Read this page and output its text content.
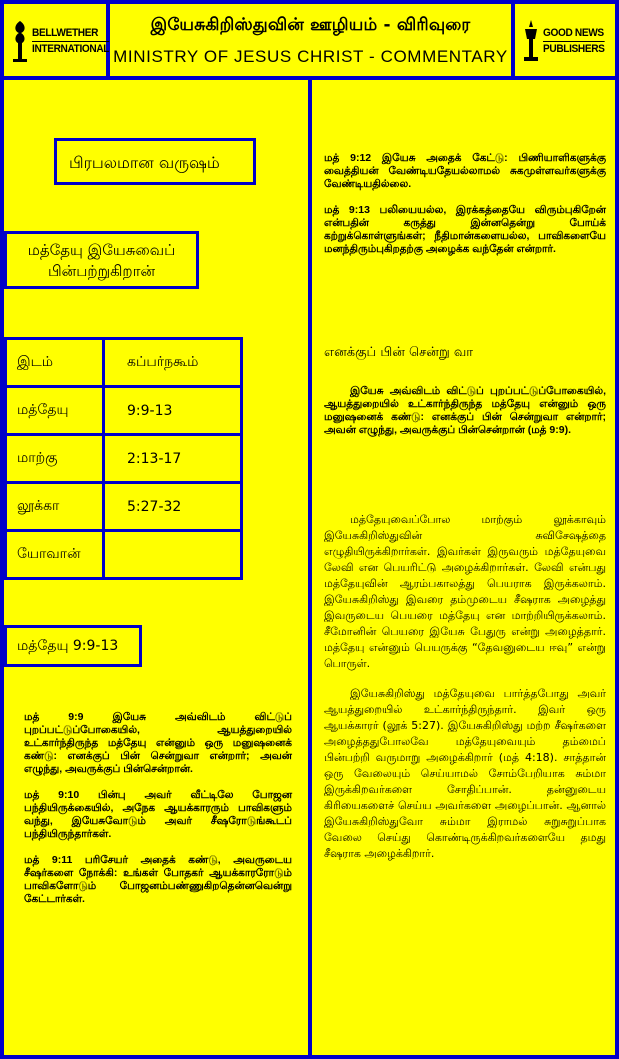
BELLWETHER
INTERNATIONAL
இயேசுகிறிஸ்துவின் ஊழியம் - விரிவுரை
MINISTRY OF JESUS CHRIST - COMMENTARY
GOOD NEWS
PUBLISHERS
பிரபலமான வருஷம்
மத்தேயு இயேசுவைப் பின்பற்றுகிறான்
இடம்	கப்பர்நகூம்
மத்தேயு	9:9-13
மாற்கு	2:13-17
லூக்கா	5:27-32
யோவான்	
மத்தேயு 9:9-13

மத் 9:9 இயேசு அவ்விடம் விட்டுப் புறப்பட்டுப்போகையில், ஆயத்துறையில் உட்கார்ந்திருந்த மத்தேயு என்னும் ஒரு மனுஷனைக் கண்டு: எனக்குப் பின் சென்றுவா என்றார்; அவன் எழுந்து, அவருக்குப் பின்சென்றான்.

மத் 9:10 பின்பு அவர் வீட்டிலே போஜன பந்தியிருக்கையில், அநேக ஆயக்காரரும் பாவிகளும் வந்து, இயேசுவோடும் அவர் சீஷரோடுங்கூடப் பந்தியிருந்தார்கள்.

மத் 9:11 பரிசேயர் அதைக் கண்டு, அவருடைய சீஷர்களை நோக்கி: உங்கள் போதகர் ஆயக்காரரோடும் பாவிகளோடும் போஜனம்பண்ணுகிறதென்னவென்று கேட்டார்கள்.

மத் 9:12 இயேசு அதைக் கேட்டு: பிணியாளிகளுக்கு வைத்தியன் வேண்டியதேயல்லாமல் சுகமுள்ளவர்களுக்கு வேண்டியதில்லை.

மத் 9:13 பலியையல்ல, இரக்கத்தையே விரும்புகிறேன் என்பதின் கருத்து இன்னதென்று போய்க் கற்றுக்கொள்ளுங்கள்; நீதிமான்களையல்ல, பாவிகளையே மனந்திரும்புகிறதற்கு அழைக்க வந்தேன் என்றார்.

எனக்குப் பின் சென்று வா

இயேசு அவ்விடம் விட்டுப் புறப்பட்டுப்போகையில், ஆயத்துறையில் உட்கார்ந்திருந்த மத்தேயு என்னும் ஒரு மனுஷனைக் கண்டு: எனக்குப் பின் சென்றுவா என்றார்; அவன் எழுந்து, அவருக்குப் பின்சென்றான் (மத் 9:9).

மத்தேயுவைப்போல மாற்கும் லூக்காவும் இயேசுகிறிஸ்துவின் சுவிசேஷத்தை எழுதியிருக்கிறார்கள். இவர்கள் இருவரும் மத்தேயுவை லேவி என பெயரிட்டு அழைக்கிறார்கள். லேவி என்பது மத்தேயுவின் ஆரம்பகாலத்து பெயராக இருக்கலாம். இயேசுகிறிஸ்து இவரை தம்முடைய சீஷராக அழைத்து இவருடைய பெயரை மத்தேயு என மாற்றியிருக்கலாம். சீமோனின் பெயரை இயேசு பேதுரு என்று அழைத்தார். மத்தேயு என்னும் பெயருக்கு “தேவனுடைய ஈவு” என்று பொருள்.

இயேசுகிறிஸ்து மத்தேயுவை பார்த்தபோது அவர் ஆயத்துறையில் உட்கார்ந்திருந்தார். இவர் ஒரு ஆயக்காரர் (லூக் 5:27). இயேசுகிறிஸ்து மற்ற சீஷர்களை அழைத்ததுபோலவே மத்தேயுவையும் தம்மைப் பின்பற்றி வருமாறு அழைக்கிறார் (மத் 4:18). சாத்தான் ஒரு வேலையும் செய்யாமல் சோம்பேறியாக சும்மா இருக்கிறவர்களை சோதிப்பான். தன்னுடைய கிரியைகளைச் செய்ய அவர்களை அழைப்பான். ஆனால் இயேசுகிறிஸ்துவோ சும்மா இராமல் சுறுசுறுப்பாக வேலை செய்து கொண்டிருக்கிறவர்களையே தமது சீஷராக அழைக்கிறார்.
